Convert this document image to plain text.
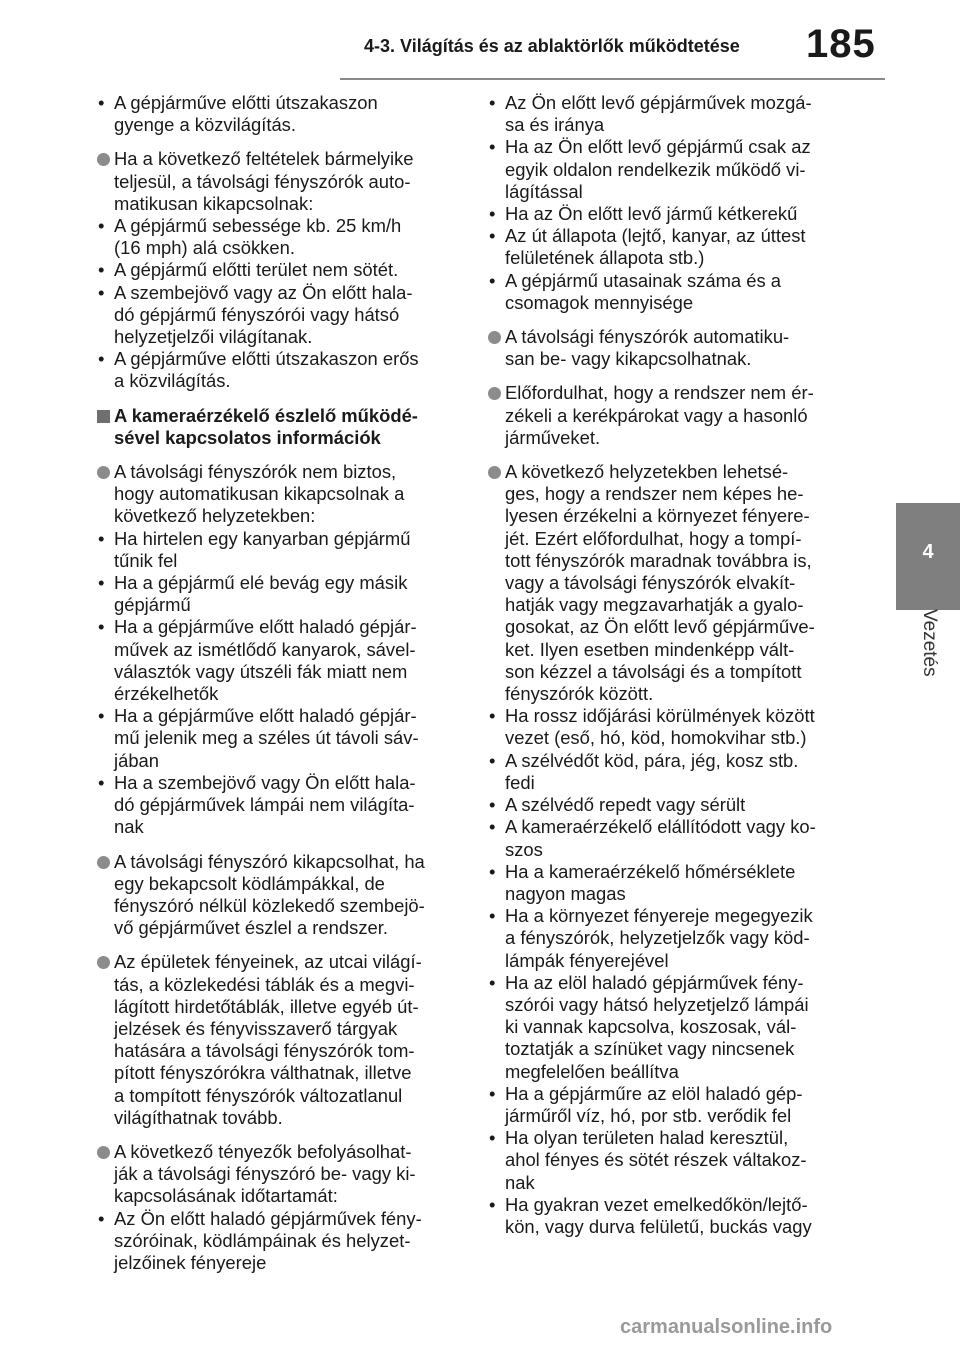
4-3. Világítás és az ablaktörlők működtetése 185
4
Vezetés
• A gépjárműve előtti útszakaszon
gyenge a közvilágítás.
Ha a következő feltételek bármelyike
teljesül, a távolsági fényszórók auto-
matikusan kikapcsolnak:
• A gépjármű sebessége kb. 25 km/h
(16 mph) alá csökken.
• A gépjármű előtti terület nem sötét.
• A szembejövő vagy az Ön előtt hala-
dó gépjármű fényszórói vagy hátsó
helyzetjelzői világítanak.
• A gépjárműve előtti útszakaszon erős
a közvilágítás.
A kameraérzékelő észlelő működé-
sével kapcsolatos információk
A távolsági fényszórók nem biztos,
hogy automatikusan kikapcsolnak a
következő helyzetekben:
• Ha hirtelen egy kanyarban gépjármű
tűnik fel
• Ha a gépjármű elé bevág egy másik
gépjármű
• Ha a gépjárműve előtt haladó gépjár-
művek az ismétlődő kanyarok, sável-
választók vagy útszéli fák miatt nem
érzékelhetők
• Ha a gépjárműve előtt haladó gépjár-
mű jelenik meg a széles út távoli sáv-
jában
• Ha a szembejövő vagy Ön előtt hala-
dó gépjárművek lámpái nem világíta-
nak
A távolsági fényszóró kikapcsolhat, ha
egy bekapcsolt ködlámpákkal, de
fényszóró nélkül közlekedő szembejö-
vő gépjárművet észlel a rendszer.
Az épületek fényeinek, az utcai világí-
tás, a közlekedési táblák és a megvi-
lágított hirdetőtáblák, illetve egyéb út-
jelzések és fényvisszaverő tárgyak
hatására a távolsági fényszórók tom-
pított fényszórókra válthatnak, illetve
a tompított fényszórók változatlanul
világíthatnak tovább.
A következő tényezők befolyásolhat-
ják a távolsági fényszóró be- vagy ki-
kapcsolásának időtartamát:
• Az Ön előtt haladó gépjárművek fény-
szóróinak, ködlámpáinak és helyzet-
jelzőinek fényereje
• Az Ön előtt levő gépjárművek mozgá-
sa és iránya
• Ha az Ön előtt levő gépjármű csak az
egyik oldalon rendelkezik működő vi-
lágítással
• Ha az Ön előtt levő jármű kétkerekű
• Az út állapota (lejtő, kanyar, az úttest
felületének állapota stb.)
• A gépjármű utasainak száma és a
csomagok mennyisége
A távolsági fényszórók automatiku-
san be- vagy kikapcsolhatnak.
Előfordulhat, hogy a rendszer nem ér-
zékeli a kerékpárokat vagy a hasonló
járműveket.
A következő helyzetekben lehetsé-
ges, hogy a rendszer nem képes he-
lyesen érzékelni a környezet fényere-
jét. Ezért előfordulhat, hogy a tompí-
tott fényszórók maradnak továbbra is,
vagy a távolsági fényszórók elvakít-
hatják vagy megzavarhatják a gyalo-
gosokat, az Ön előtt levő gépjárműve-
ket. Ilyen esetben mindenképp vált-
son kézzel a távolsági és a tompított
fényszórók között.
• Ha rossz időjárási körülmények között
vezet (eső, hó, köd, homokvihar stb.)
• A szélvédőt köd, pára, jég, kosz stb.
fedi
• A szélvédő repedt vagy sérült
• A kameraérzékelő elállítódott vagy ko-
szos
• Ha a kameraérzékelő hőmérséklete
nagyon magas
• Ha a környezet fényereje megegyezik
a fényszórók, helyzetjelzők vagy köd-
lámpák fényerejével
• Ha az elöl haladó gépjárművek fény-
szórói vagy hátsó helyzetjelző lámpái
ki vannak kapcsolva, koszosak, vál-
toztatják a színüket vagy nincsenek
megfelelően beállítva
• Ha a gépjárműre az elöl haladó gép-
járműről víz, hó, por stb. verődik fel
• Ha olyan területen halad keresztül,
ahol fényes és sötét részek váltakoz-
nak
• Ha gyakran vezet emelkedőkön/lejtő-
kön, vagy durva felületű, buckás vagy
carmanualsonline.info
